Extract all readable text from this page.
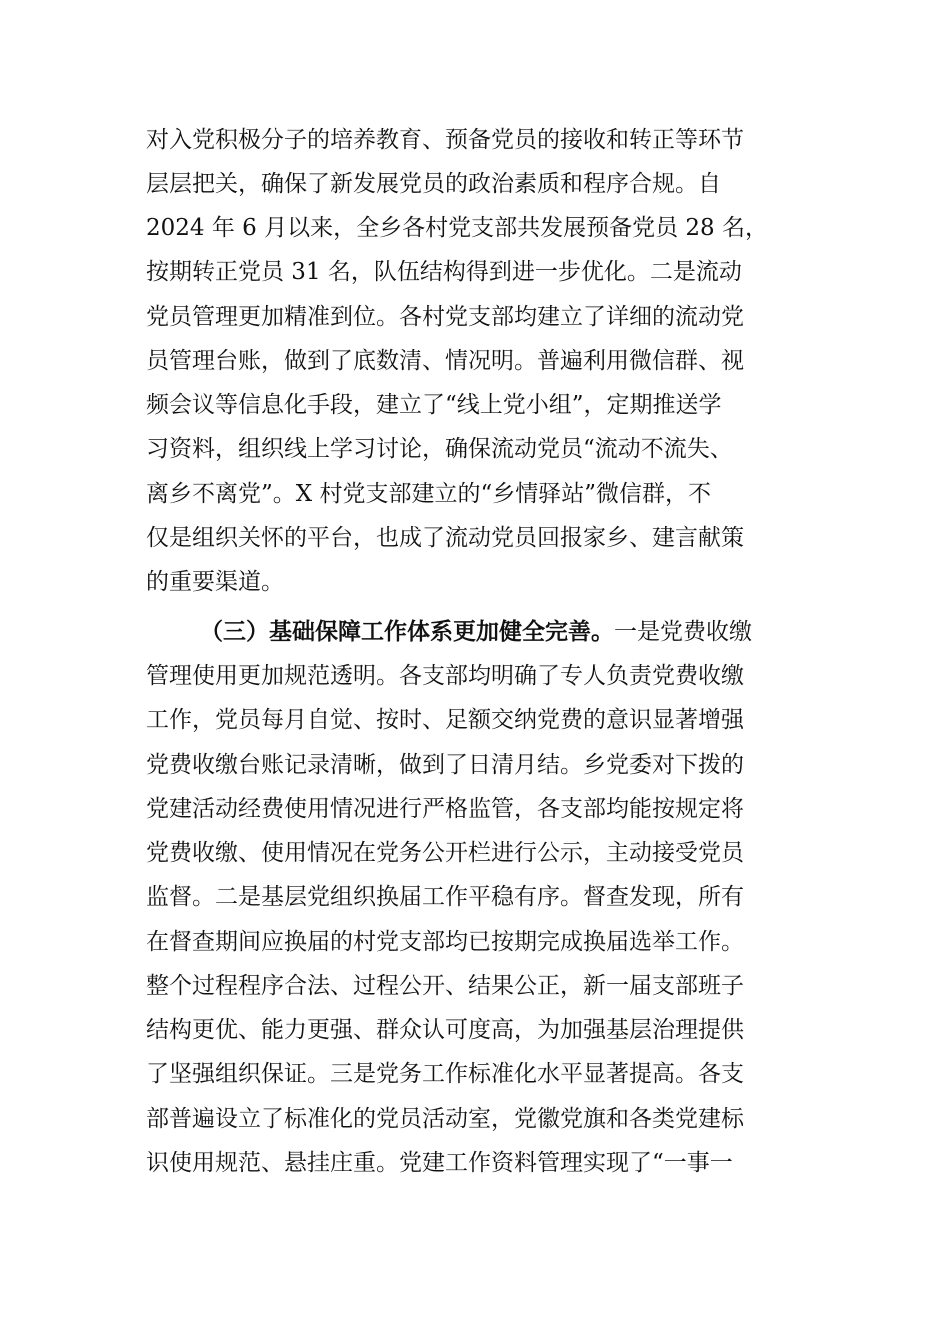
对入党积极分子的培养教育、预备党员的接收和转正等环节
层层把关，确保了新发展党员的政治素质和程序合规。自
2024 年 6 月以来，全乡各村党支部共发展预备党员 28 名，
按期转正党员 31 名，队伍结构得到进一步优化。二是流动
党员管理更加精准到位。各村党支部均建立了详细的流动党
员管理台账，做到了底数清、情况明。普遍利用微信群、视
频会议等信息化手段，建立了“线上党小组”，定期推送学
习资料，组织线上学习讨论，确保流动党员“流动不流失、
离乡不离党”。X 村党支部建立的“乡情驿站”微信群，不
仅是组织关怀的平台，也成了流动党员回报家乡、建言献策
的重要渠道。
（三）基础保障工作体系更加健全完善。一是党费收缴
管理使用更加规范透明。各支部均明确了专人负责党费收缴
工作，党员每月自觉、按时、足额交纳党费的意识显著增强
党费收缴台账记录清晰，做到了日清月结。乡党委对下拨的
党建活动经费使用情况进行严格监管，各支部均能按规定将
党费收缴、使用情况在党务公开栏进行公示，主动接受党员
监督。二是基层党组织换届工作平稳有序。督查发现，所有
在督查期间应换届的村党支部均已按期完成换届选举工作。
整个过程程序合法、过程公开、结果公正，新一届支部班子
结构更优、能力更强、群众认可度高，为加强基层治理提供
了坚强组织保证。三是党务工作标准化水平显著提高。各支
部普遍设立了标准化的党员活动室，党徽党旗和各类党建标
识使用规范、悬挂庄重。党建工作资料管理实现了“一事一
